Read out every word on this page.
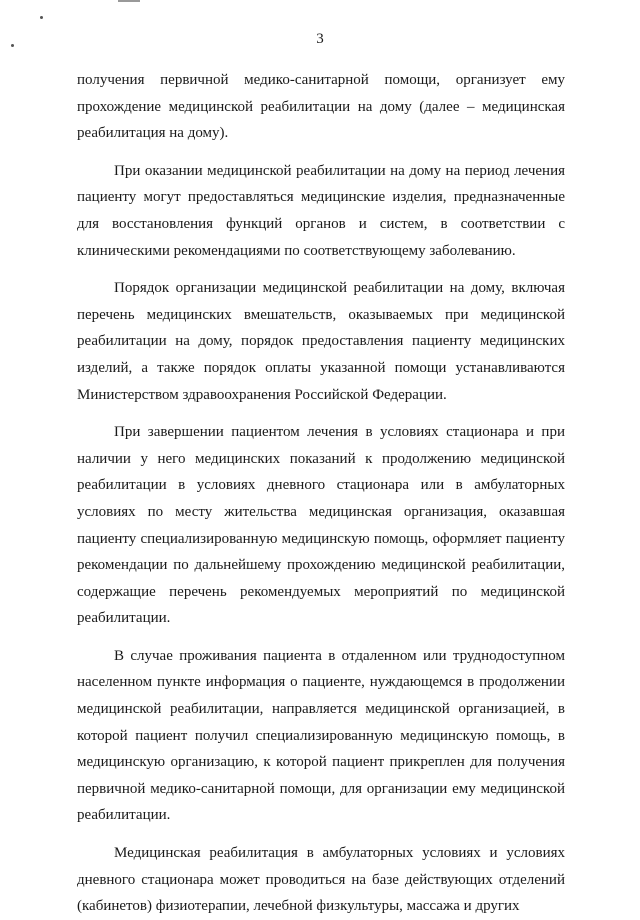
3

получения первичной медико-санитарной помощи, организует ему прохождение медицинской реабилитации на дому (далее – медицинская реабилитация на дому).

При оказании медицинской реабилитации на дому на период лечения пациенту могут предоставляться медицинские изделия, предназначенные для восстановления функций органов и систем, в соответствии с клиническими рекомендациями по соответствующему заболеванию.

Порядок организации медицинской реабилитации на дому, включая перечень медицинских вмешательств, оказываемых при медицинской реабилитации на дому, порядок предоставления пациенту медицинских изделий, а также порядок оплаты указанной помощи устанавливаются Министерством здравоохранения Российской Федерации.

При завершении пациентом лечения в условиях стационара и при наличии у него медицинских показаний к продолжению медицинской реабилитации в условиях дневного стационара или в амбулаторных условиях по месту жительства медицинская организация, оказавшая пациенту специализированную медицинскую помощь, оформляет пациенту рекомендации по дальнейшему прохождению медицинской реабилитации, содержащие перечень рекомендуемых мероприятий по медицинской реабилитации.

В случае проживания пациента в отдаленном или труднодоступном населенном пункте информация о пациенте, нуждающемся в продолжении медицинской реабилитации, направляется медицинской организацией, в которой пациент получил специализированную медицинскую помощь, в медицинскую организацию, к которой пациент прикреплен для получения первичной медико-санитарной помощи, для организации ему медицинской реабилитации.

Медицинская реабилитация в амбулаторных условиях и условиях дневного стационара может проводиться на базе действующих отделений (кабинетов) физиотерапии, лечебной физкультуры, массажа и других
